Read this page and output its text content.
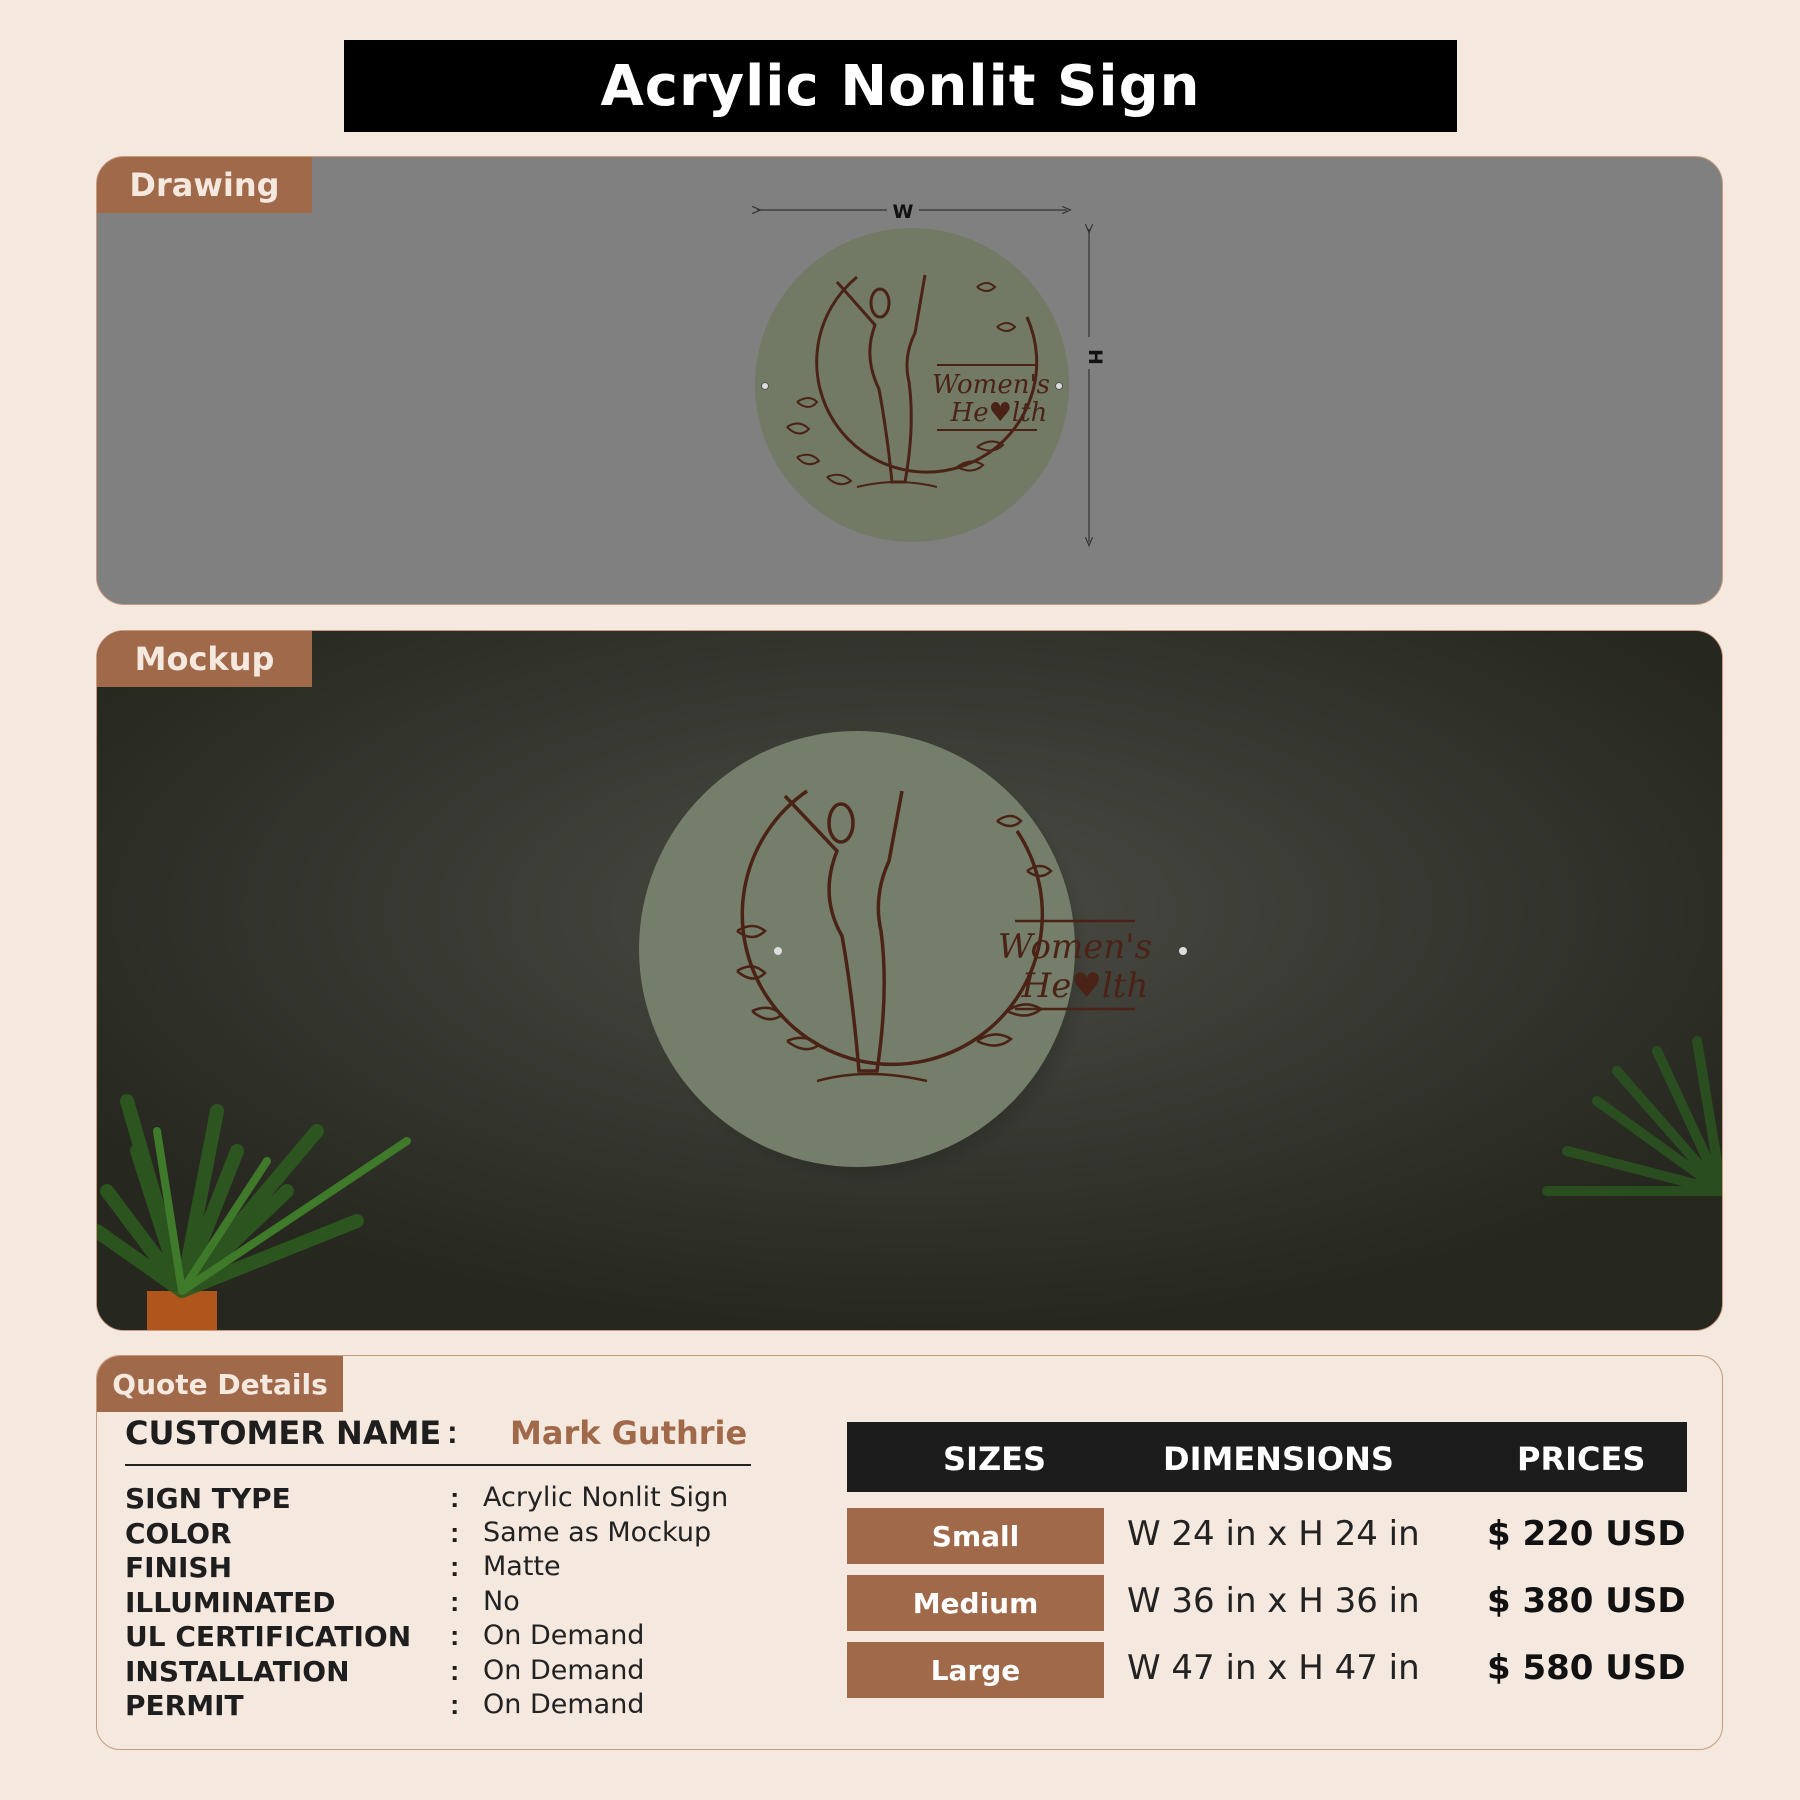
Acrylic Nonlit Sign
Drawing
W
H
Women's
He♥lth
Women's
He♥lth
Mockup
Quote Details
CUSTOMER NAME : Mark Guthrie
SIGN TYPE	: Acrylic Nonlit Sign
COLOR	: Same as Mockup
FINISH	: Matte
ILLUMINATED	: No
UL CERTIFICATION : On Demand
INSTALLATION	: On Demand
PERMIT	: On Demand
SIZES	DIMENSIONS	PRICES
Small	W 24 in x H 24 in $ 220 USD
Medium	W 36 in x H 36 in $ 380 USD
Large	W 47 in x H 47 in $ 580 USD
